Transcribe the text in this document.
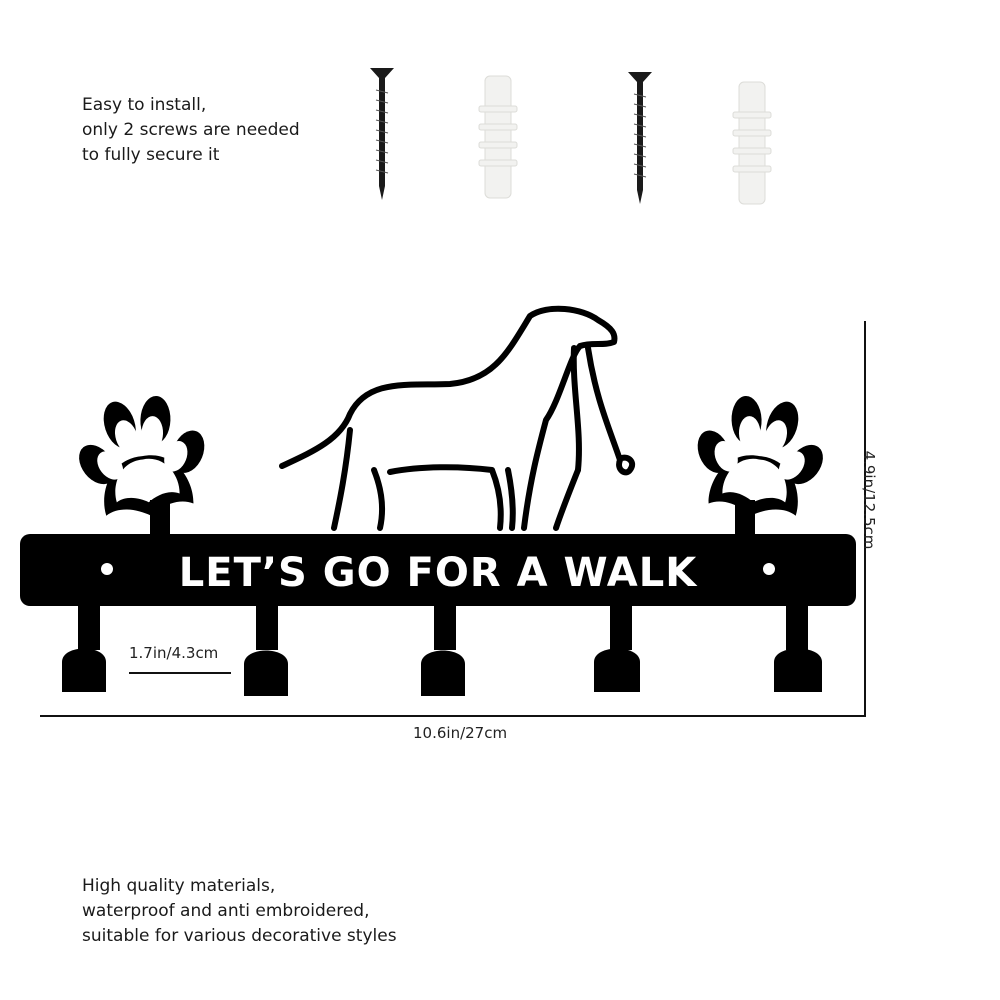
Easy to install,
only 2 screws are needed
to fully secure it
LET’S GO FOR A WALK
10.6in/27cm
1.7in/4.3cm
4.9in/12.5cm
High quality materials,
waterproof and anti embroidered,
suitable for various decorative styles
